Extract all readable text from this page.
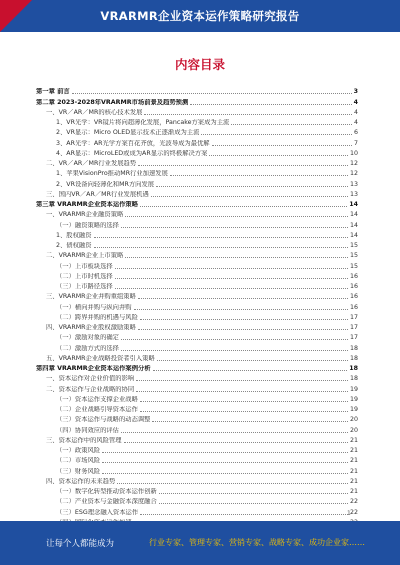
VRARMR企业资本运作策略研究报告
内容目录
第一章 前言	3
第二章 2023-2028年VRARMR市场前景及趋势预测	4
一、VR／AR／MR的核心技术发展	4
1、VR光学：VR镜片将向超薄化发展，Pancake方案成为主流	4
2、VR显示：Micro OLED显示技术正逐渐成为主流	6
3、AR光学：AR光学方案百花齐放，光波导成为最优解	7
4、AR显示：MicroLED或成为AR显示的终极解决方案	10
二、VR／AR／MR行业发展趋势	12
1、苹果VisionPro推动MR行业加速发展	12
2、VR设备向轻薄化和MR方向发展	13
三、国内VR／AR／MR行业发展机遇	13
第三章 VRARMR企业资本运作策略	14
一、VRARMR企业融资策略	14
（一）融资策略的选择	14
1、股权融资	14
2、债权融资	15
二、VRARMR企业上市策略	15
（一）上市板块选择	15
（二）上市时机选择	16
（三）上市路径选择	16
三、VRARMR企业并购重组策略	16
（一）横向并购与纵向并购	16
（二）跨界并购的机遇与风险	17
四、VRARMR企业股权激励策略	17
（一）激励对象的确定	17
（二）激励方式的选择	18
五、VRARMR企业战略投资者引入策略	18
第四章 VRARMR企业资本运作案例分析	18
一、资本运作对企业价值的影响	18
二、资本运作与企业战略的协同	19
（一）资本运作支撑企业战略	19
（二）企业战略引导资本运作	19
（三）资本运作与战略的动态调整	20
（四）协同效应的评估	20
三、资本运作中的风险管理	21
（一）政策风险	21
（二）市场风险	21
（三）财务风险	21
四、资本运作的未来趋势	21
（一）数字化转型推动资本运作创新	21
（二）产业资本与金融资本深度融合	22
（三）ESG理念融入资本运作	22
1
让每个人都能成为	行业专家、管理专家、营销专家、战略专家、成功企业家……
